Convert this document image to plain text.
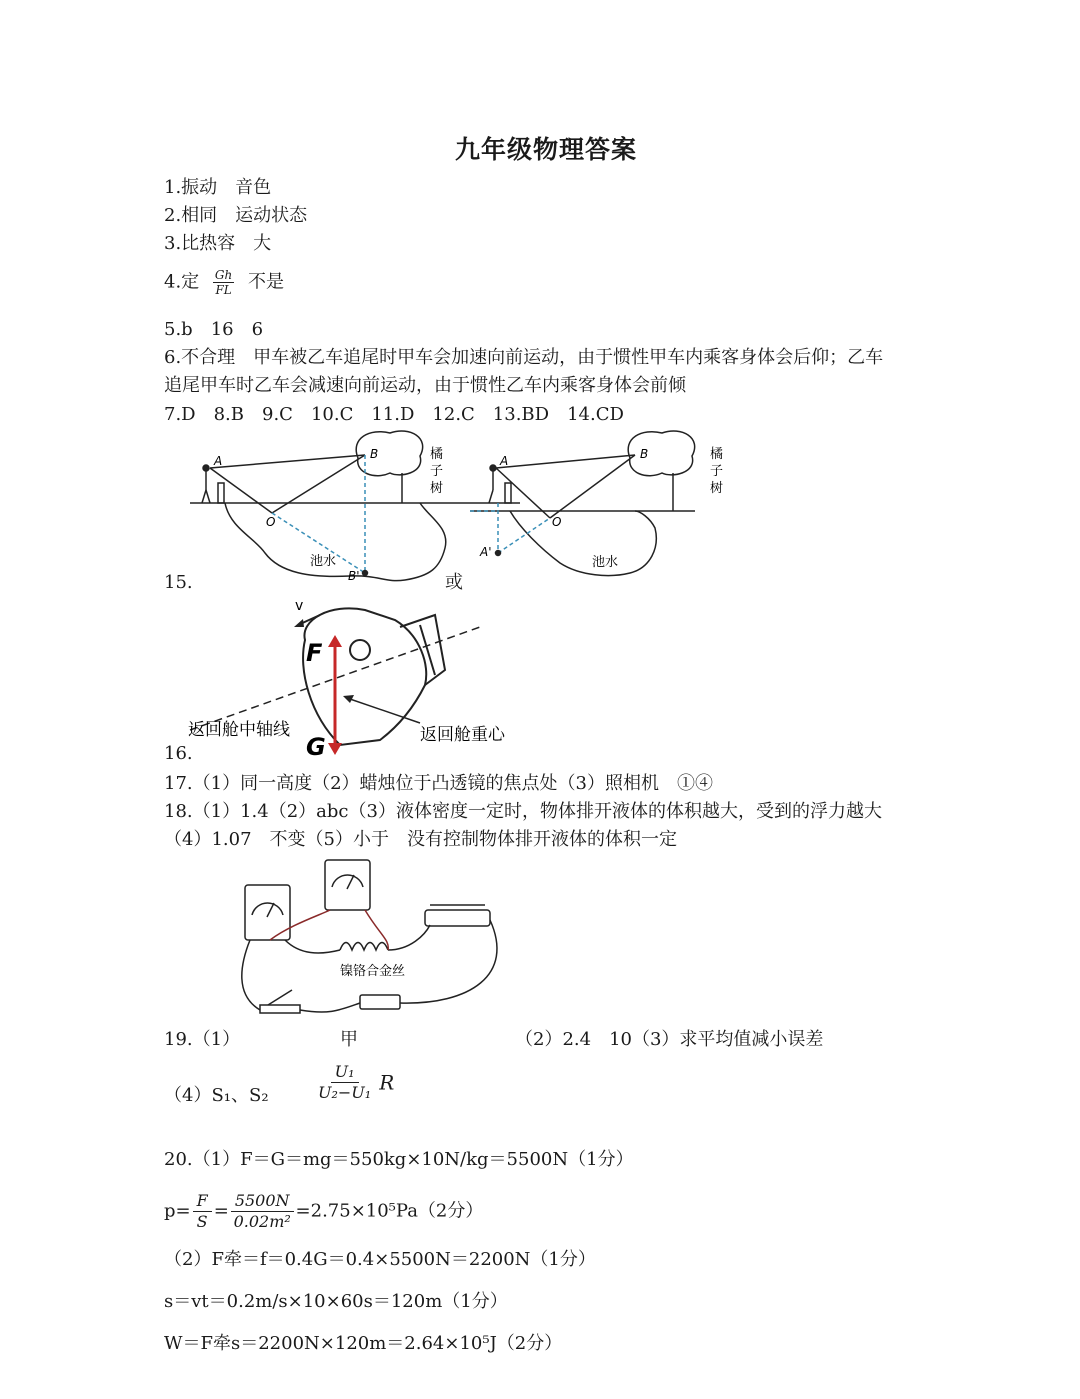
九年级物理答案
1.振动　音色
2.相同　运动状态
3.比热容　大
4.定 $\frac{Gh}{FL}$ 不是
5.b　16　6
6.不合理　甲车被乙车追尾时甲车会加速向前运动，由于惯性甲车内乘客身体会后仰；乙车
追尾甲车时乙车会减速向前运动，由于惯性乙车内乘客身体会前倾
7.D　8.B　9.C　10.C　11.D　12.C　13.BD　14.CD
A	B
O
B'
池水
橘
子
树
A	B
O
A'
池水
橘
子
树
15.	或
v
F
G
返回舱中轴线	返回舱重心
16.
17.（1）同一高度（2）蜡烛位于凸透镜的焦点处（3）照相机　①④
18.（1）1.4（2）abc（3）液体密度一定时，物体排开液体的体积越大，受到的浮力越大
（4）1.07　不变（5）小于　没有控制物体排开液体的体积一定
镍铬合金丝
19.（1）	甲	（2）2.4　10（3）求平均值减小误差
（4）S₁、S₂	$\frac{\text{U₁}}{\text{U₂−U₁}}$ R
20.（1）F＝G＝mg＝550kg×10N/kg＝5500N（1分）
$p= \frac{F}{S} = \frac{5500N}{\text{0.02m²}} =2.75\times 10^5Pa(2$分）
（2）F牵＝f＝0.4G＝0.4×5500N＝2200N（1分）
s＝vt＝0.2m/s×10×60s＝120m（1分）
W＝F牵s＝2200N×120m＝2.64×10⁵J（2分）
